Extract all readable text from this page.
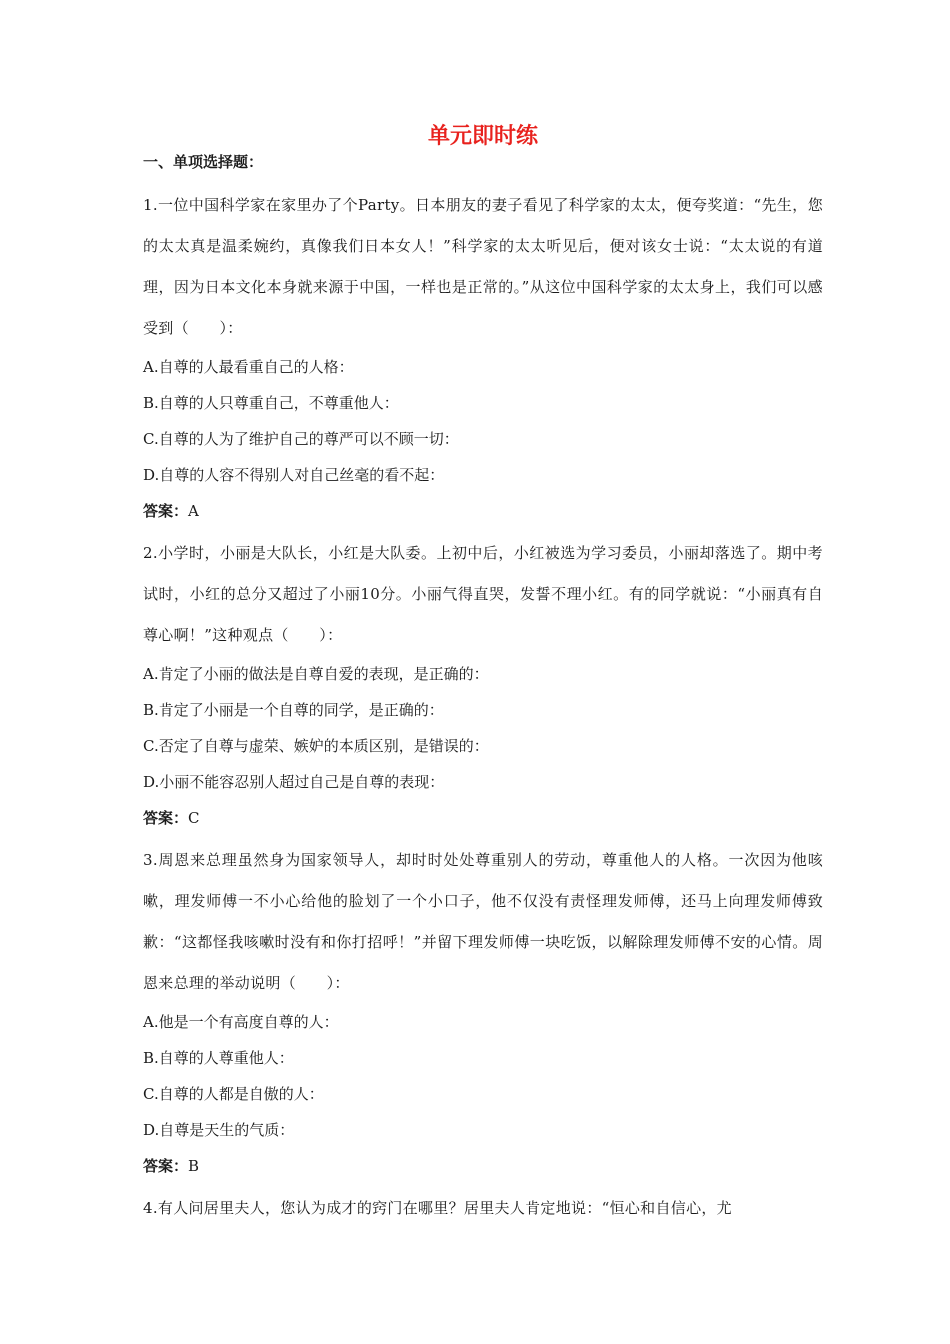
单元即时练
一、单项选择题：

1.一位中国科学家在家里办了个Party。日本朋友的妻子看见了科学家的太太，便夸奖道：“先生，您的太太真是温柔婉约，真像我们日本女人！”科学家的太太听见后，便对该女士说：“太太说的有道理，因为日本文化本身就来源于中国，一样也是正常的。”从这位中国科学家的太太身上，我们可以感受到（　　）：

A.自尊的人最看重自己的人格：

B.自尊的人只尊重自己，不尊重他人：

C.自尊的人为了维护自己的尊严可以不顾一切：

D.自尊的人容不得别人对自己丝毫的看不起：

答案：A

2.小学时，小丽是大队长，小红是大队委。上初中后，小红被选为学习委员，小丽却落选了。期中考试时，小红的总分又超过了小丽10分。小丽气得直哭，发誓不理小红。有的同学就说：“小丽真有自尊心啊！”这种观点（　　）：

A.肯定了小丽的做法是自尊自爱的表现，是正确的：

B.肯定了小丽是一个自尊的同学，是正确的：

C.否定了自尊与虚荣、嫉妒的本质区别，是错误的：

D.小丽不能容忍别人超过自己是自尊的表现：

答案：C

3.周恩来总理虽然身为国家领导人，却时时处处尊重别人的劳动，尊重他人的人格。一次因为他咳嗽，理发师傅一不小心给他的脸划了一个小口子，他不仅没有责怪理发师傅，还马上向理发师傅致歉：“这都怪我咳嗽时没有和你打招呼！”并留下理发师傅一块吃饭，以解除理发师傅不安的心情。周恩来总理的举动说明（　　）：

A.他是一个有高度自尊的人：

B.自尊的人尊重他人：

C.自尊的人都是自傲的人：

D.自尊是天生的气质：

答案：B

4.有人问居里夫人，您认为成才的窍门在哪里？居里夫人肯定地说：“恒心和自信心，尤
